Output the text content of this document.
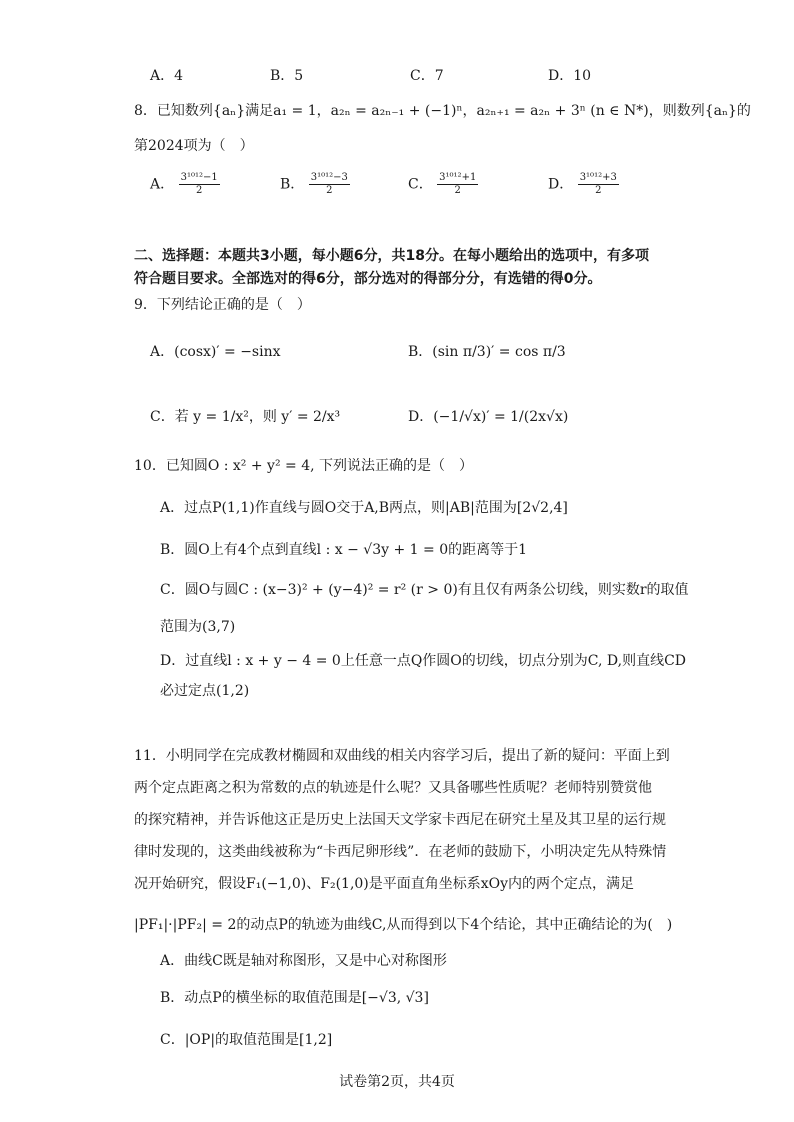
A．4	B．5	C．7	D．10
8．已知数列{aₙ}满足a₁ = 1，a₂ₙ = a₂ₙ₋₁ + (−1)ⁿ，a₂ₙ₊₁ = a₂ₙ + 3ⁿ (n ∈ N*)，则数列{aₙ}的
第2024项为（　）
A． $\frac{\text{3¹⁰¹²−1}}{2}$	B． $\frac{\text{3¹⁰¹²−3}}{2}$	C． $\frac{\text{3¹⁰¹²+1}}{2}$	D． $\frac{\text{3¹⁰¹²+3}}{2}$
二、选择题：本题共3小题，每小题6分，共18分。在每小题给出的选项中，有多项
符合题目要求。全部选对的得6分，部分选对的得部分分，有选错的得0分。
9．下列结论正确的是（　）
A．(cosx)′ = −sinx	B．(sin π/3)′ = cos π/3
C．若 y = 1/x²，则 y′ = 2/x³	D．(−1/√x)′ = 1/(2x√x)
10．已知圆O : x² + y² = 4, 下列说法正确的是（　）
A．过点P(1,1)作直线与圆O交于A,B两点，则|AB|范围为[2√2,4]
B．圆O上有4个点到直线l : x − √3y + 1 = 0的距离等于1
C．圆O与圆C : (x−3)² + (y−4)² = r² (r > 0)有且仅有两条公切线，则实数r的取值
范围为(3,7)
D．过直线l : x + y − 4 = 0上任意一点Q作圆O的切线，切点分别为C, D,则直线CD
必过定点(1,2)
11．小明同学在完成教材椭圆和双曲线的相关内容学习后，提出了新的疑问：平面上到
两个定点距离之积为常数的点的轨迹是什么呢？又具备哪些性质呢？老师特别赞赏他
的探究精神，并告诉他这正是历史上法国天文学家卡西尼在研究土星及其卫星的运行规
律时发现的，这类曲线被称为“卡西尼卵形线”．在老师的鼓励下，小明决定先从特殊情
况开始研究，假设F₁(−1,0)、F₂(1,0)是平面直角坐标系xOy内的两个定点，满足
|PF₁|·|PF₂| = 2的动点P的轨迹为曲线C,从而得到以下4个结论，其中正确结论的为(　)
A．曲线C既是轴对称图形，又是中心对称图形
B．动点P的横坐标的取值范围是[−√3, √3]
C．|OP|的取值范围是[1,2]
试卷第2页，共4页
